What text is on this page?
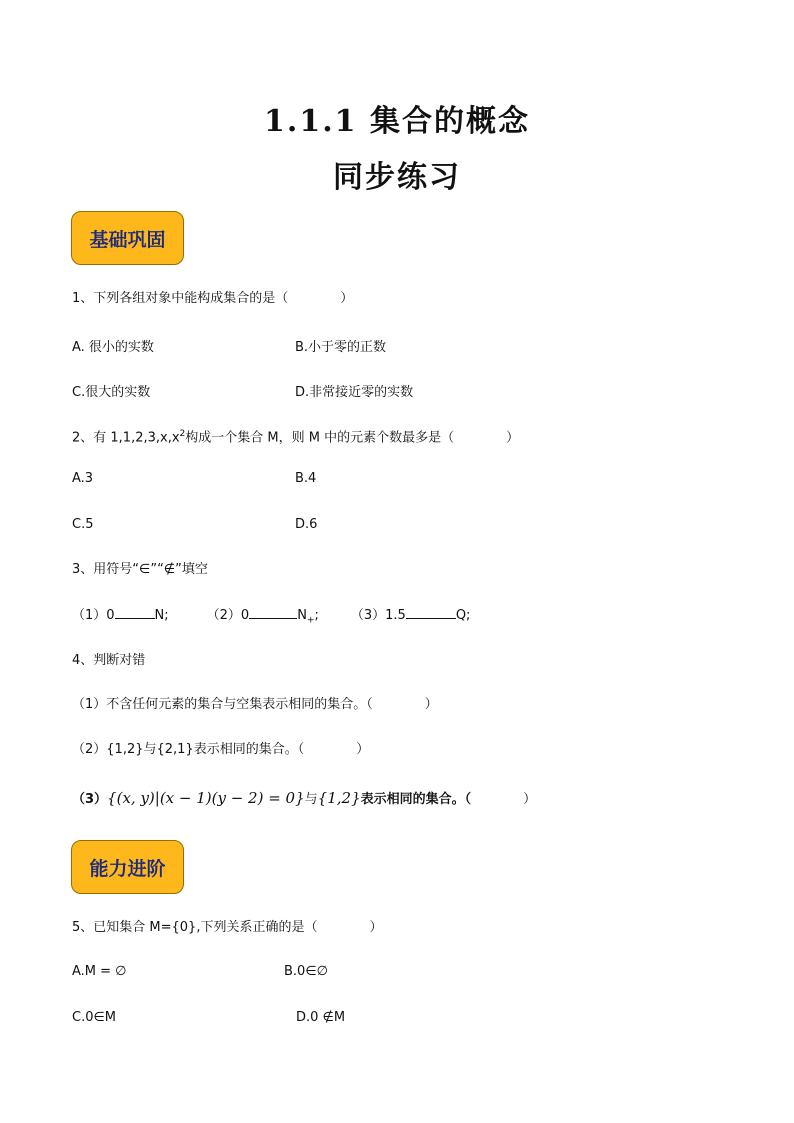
1.1.1 集合的概念
同步练习
基础巩固
1、下列各组对象中能构成集合的是（	）
A. 很小的实数	B.小于零的正数
C.很大的实数	D.非常接近零的实数
2、有 $1,1,2,3,x,x^2$构成一个集合 M，则 M 中的元素个数最多是（	）
A.3	B.4
C.5	D.6
3、用符号“∈”“∉”填空
（1）0	N;	（2）0	$N_+$; （3）1.5	Q;
4、判断对错
（1）不含任何元素的集合与空集表示相同的集合。（	）
（2）{1,2}与{2,1}表示相同的集合。（	）
（3）{(x, y)|(x − 1)(y − 2) = 0}与{1,2}表示相同的集合。（	）
能力进阶
5、已知集合 M={0},下列关系正确的是（	）
A.M = ∅	B.0∈∅
C.0∈M	D.0 ∉M
